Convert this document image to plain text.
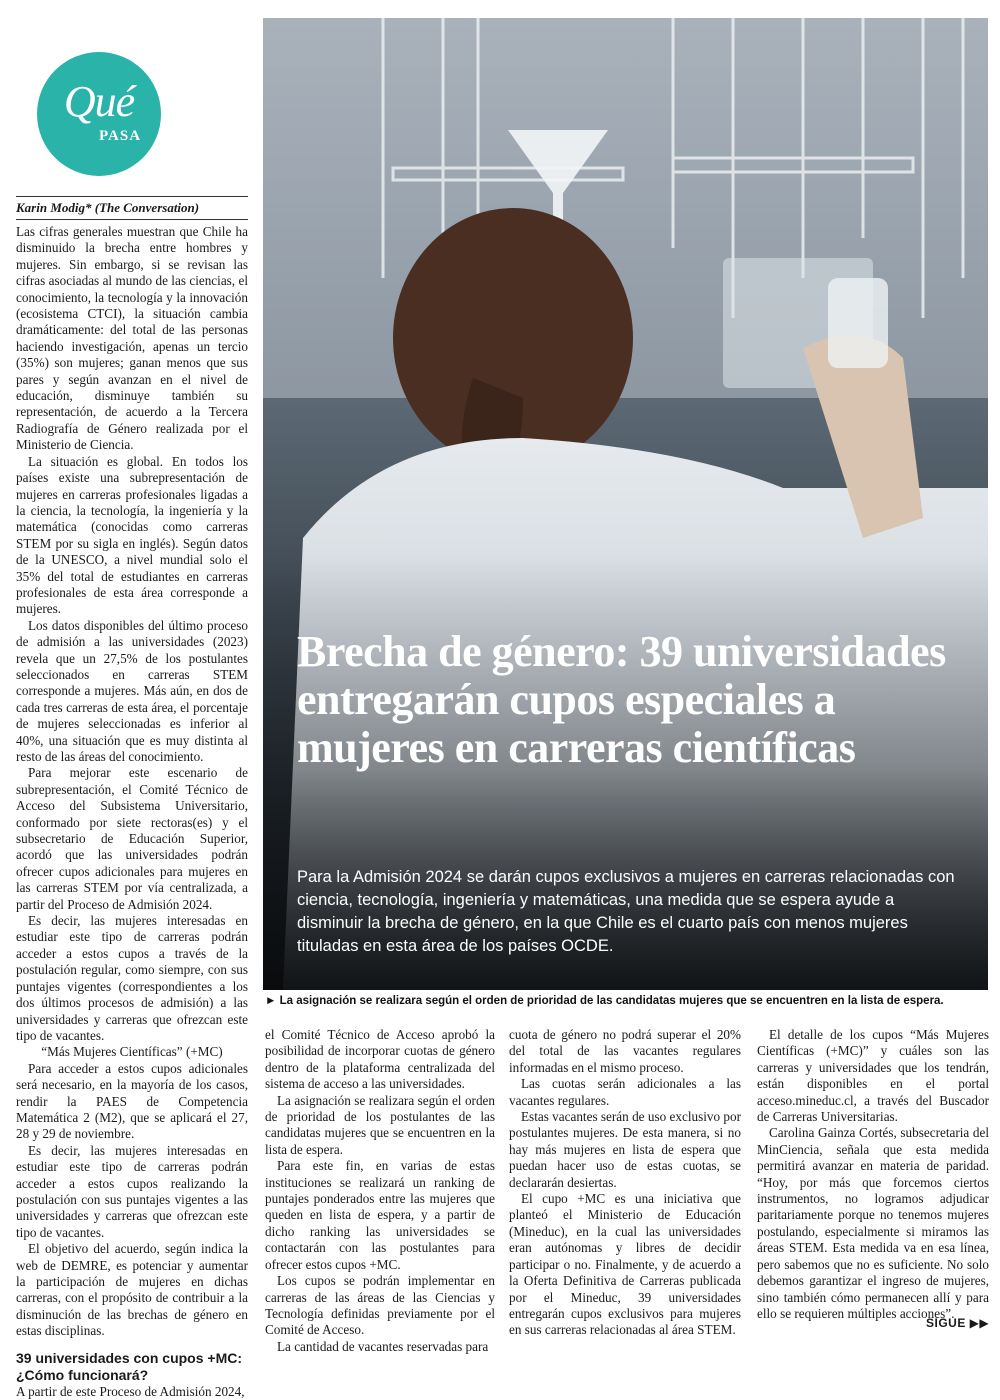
Qué
PASA
Karin Modig* (The Conversation)

Las cifras generales muestran que Chile ha disminuido la brecha entre hombres y mujeres. Sin embargo, si se revisan las cifras asociadas al mundo de las ciencias, el conocimiento, la tecnología y la innovación (ecosistema CTCI), la situación cambia dramáticamente: del total de las personas haciendo investigación, apenas un tercio (35%) son mujeres; ganan menos que sus pares y según avanzan en el nivel de educación, disminuye también su representación, de acuerdo a la Tercera Radiografía de Género realizada por el Ministerio de Ciencia.

La situación es global. En todos los países existe una subrepresentación de mujeres en carreras profesionales ligadas a la ciencia, la tecnología, la ingeniería y la matemática (conocidas como carreras STEM por su sigla en inglés). Según datos de la UNESCO, a nivel mundial solo el 35% del total de estudiantes en carreras profesionales de esta área corresponde a mujeres.

Los datos disponibles del último proceso de admisión a las universidades (2023) revela que un 27,5% de los postulantes seleccionados en carreras STEM corresponde a mujeres. Más aún, en dos de cada tres carreras de esta área, el porcentaje de mujeres seleccionadas es inferior al 40%, una situación que es muy distinta al resto de las áreas del conocimiento.

Para mejorar este escenario de subrepresentación, el Comité Técnico de Acceso del Subsistema Universitario, conformado por siete rectoras(es) y el subsecretario de Educación Superior, acordó que las universidades podrán ofrecer cupos adicionales para mujeres en las carreras STEM por vía centralizada, a partir del Proceso de Admisión 2024.

Es decir, las mujeres interesadas en estudiar este tipo de carreras podrán acceder a estos cupos a través de la postulación regular, como siempre, con sus puntajes vigentes (correspondientes a los dos últimos procesos de admisión) a las universidades y carreras que ofrezcan este tipo de vacantes.

“Más Mujeres Científicas” (+MC)

Para acceder a estos cupos adicionales será necesario, en la mayoría de los casos, rendir la PAES de Competencia Matemática 2 (M2), que se aplicará el 27, 28 y 29 de noviembre.

Es decir, las mujeres interesadas en estudiar este tipo de carreras podrán acceder a estos cupos realizando la postulación con sus puntajes vigentes a las universidades y carreras que ofrezcan este tipo de vacantes.

El objetivo del acuerdo, según indica la web de DEMRE, es potenciar y aumentar la participación de mujeres en dichas carreras, con el propósito de contribuir a la disminución de las brechas de género en estas disciplinas.

39 universidades con cupos +MC: ¿Cómo funcionará?

A partir de este Proceso de Admisión 2024,

Brecha de género: 39 universidades entregarán cupos especiales a mujeres en carreras científicas
Para la Admisión 2024 se darán cupos exclusivos a mujeres en carreras relacionadas con ciencia, tecnología, ingeniería y matemáticas, una medida que se espera ayude a disminuir la brecha de género, en la que Chile es el cuarto país con menos mujeres tituladas en esta área de los países OCDE.
► La asignación se realizara según el orden de prioridad de las candidatas mujeres que se encuentren en la lista de espera.

el Comité Técnico de Acceso aprobó la posibilidad de incorporar cuotas de género dentro de la plataforma centralizada del sistema de acceso a las universidades.

La asignación se realizara según el orden de prioridad de los postulantes de las candidatas mujeres que se encuentren en la lista de espera.

Para este fin, en varias de estas instituciones se realizará un ranking de puntajes ponderados entre las mujeres que queden en lista de espera, y a partir de dicho ranking las universidades se contactarán con las postulantes para ofrecer estos cupos +MC.

Los cupos se podrán implementar en carreras de las áreas de las Ciencias y Tecnología definidas previamente por el Comité de Acceso.

La cantidad de vacantes reservadas para

cuota de género no podrá superar el 20% del total de las vacantes regulares informadas en el mismo proceso.

Las cuotas serán adicionales a las vacantes regulares.

Estas vacantes serán de uso exclusivo por postulantes mujeres. De esta manera, si no hay más mujeres en lista de espera que puedan hacer uso de estas cuotas, se declararán desiertas.

El cupo +MC es una iniciativa que planteó el Ministerio de Educación (Mineduc), en la cual las universidades eran autónomas y libres de decidir participar o no. Finalmente, y de acuerdo a la Oferta Definitiva de Carreras publicada por el Mineduc, 39 universidades entregarán cupos exclusivos para mujeres en sus carreras relacionadas al área STEM.

El detalle de los cupos “Más Mujeres Científicas (+MC)” y cuáles son las carreras y universidades que los tendrán, están disponibles en el portal acceso.mineduc.cl, a través del Buscador de Carreras Universitarias.

Carolina Gainza Cortés, subsecretaria del MinCiencia, señala que esta medida permitirá avanzar en materia de paridad. “Hoy, por más que forcemos ciertos instrumentos, no logramos adjudicar paritariamente porque no tenemos mujeres postulando, especialmente si miramos las áreas STEM. Esta medida va en esa línea, pero sabemos que no es suficiente. No solo debemos garantizar el ingreso de mujeres, sino también cómo permanecen allí y para ello se requieren múltiples acciones”.

SIGUE ▶▶
